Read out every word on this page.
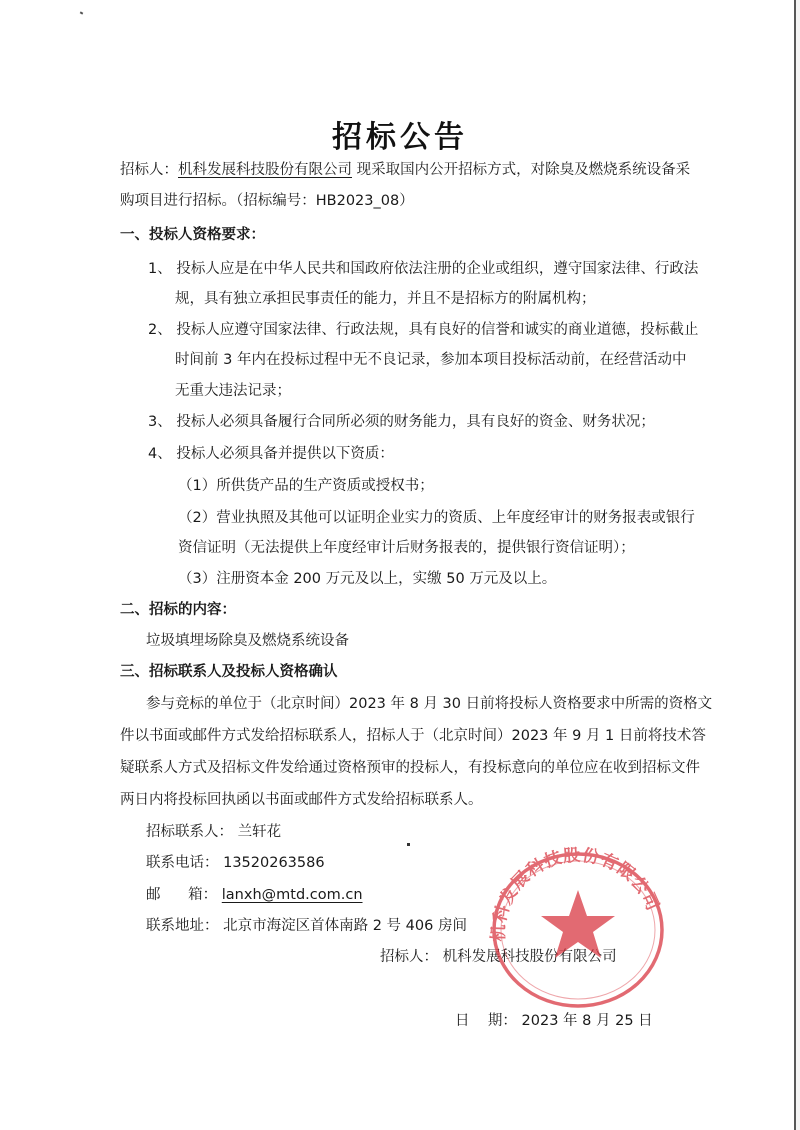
招标公告
招标人：机科发展科技股份有限公司 现采取国内公开招标方式，对除臭及燃烧系统设备采
购项目进行招标。（招标编号：HB2023_08）
一、投标人资格要求：
1、 投标人应是在中华人民共和国政府依法注册的企业或组织，遵守国家法律、行政法
规，具有独立承担民事责任的能力，并且不是招标方的附属机构；
2、 投标人应遵守国家法律、行政法规，具有良好的信誉和诚实的商业道德，投标截止
时间前 3 年内在投标过程中无不良记录，参加本项目投标活动前，在经营活动中
无重大违法记录；
3、 投标人必须具备履行合同所必须的财务能力，具有良好的资金、财务状况；
4、 投标人必须具备并提供以下资质：
（1）所供货产品的生产资质或授权书；
（2）营业执照及其他可以证明企业实力的资质、上年度经审计的财务报表或银行
资信证明（无法提供上年度经审计后财务报表的，提供银行资信证明）；
（3）注册资本金 200 万元及以上，实缴 50 万元及以上。
二、招标的内容：
垃圾填埋场除臭及燃烧系统设备
三、招标联系人及投标人资格确认
参与竞标的单位于（北京时间）2023 年 8 月 30 日前将投标人资格要求中所需的资格文
件以书面或邮件方式发给招标联系人，招标人于（北京时间）2023 年 9 月 1 日前将技术答
疑联系人方式及招标文件发给通过资格预审的投标人，有投标意向的单位应在收到招标文件
两日内将投标回执函以书面或邮件方式发给招标联系人。
招标联系人： 兰轩花
联系电话： 13520263586
邮      箱： lanxh@mtd.com.cn
联系地址： 北京市海淀区首体南路 2 号 406 房间
招标人： 机科发展科技股份有限公司
日    期： 2023 年 8 月 25 日
机科发展科技股份有限公司
